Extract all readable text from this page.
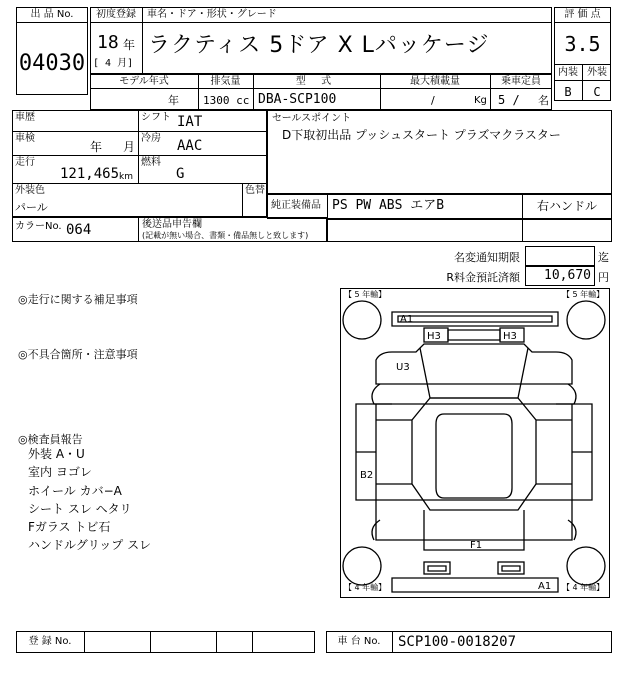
出 品 No.
04030
初度登録	車名・ドア・形状・グレード
18 年
[ 4 月]
ラクティス 5ドア X Lパッケージ
評 価 点
3.5
内装 外装
B	C
モデル年式	排気量	型 式	最大積載量	乗車定員
年 1300 cc DBA-SCP100	/	Kg 5 / 名
車歴	シフト IAT
車検
年 月
冷房 AAC
走行
121,465 km
燃料
G
外装色
パール
色替
カラーNo. 064	後送品申告欄
(記載が無い場合、書類・備品無しと致します)
セールスポイント
D下取初出品 プッシュスタート プラズマクラスター
純正装備品 PS PW ABS エアB	右ハンドル
名変通知期限	迄
R料金預託済額	10,670 円
◎走行に関する補足事項
◎不具合箇所・注意事項
◎検査員報告
外装 A・U
室内 ヨゴレ
ホイール カバ−A
シート スレ ヘタリ
Fガラス トビ石
ハンドルグリップ スレ
【 5 年輸】	【 5 年輸】
【 4 年輸】	【 4 年輸】
A1
H3	H3
U3
B2
F1
A1
登 録 No.	車 台 No.	SCP100-0018207
